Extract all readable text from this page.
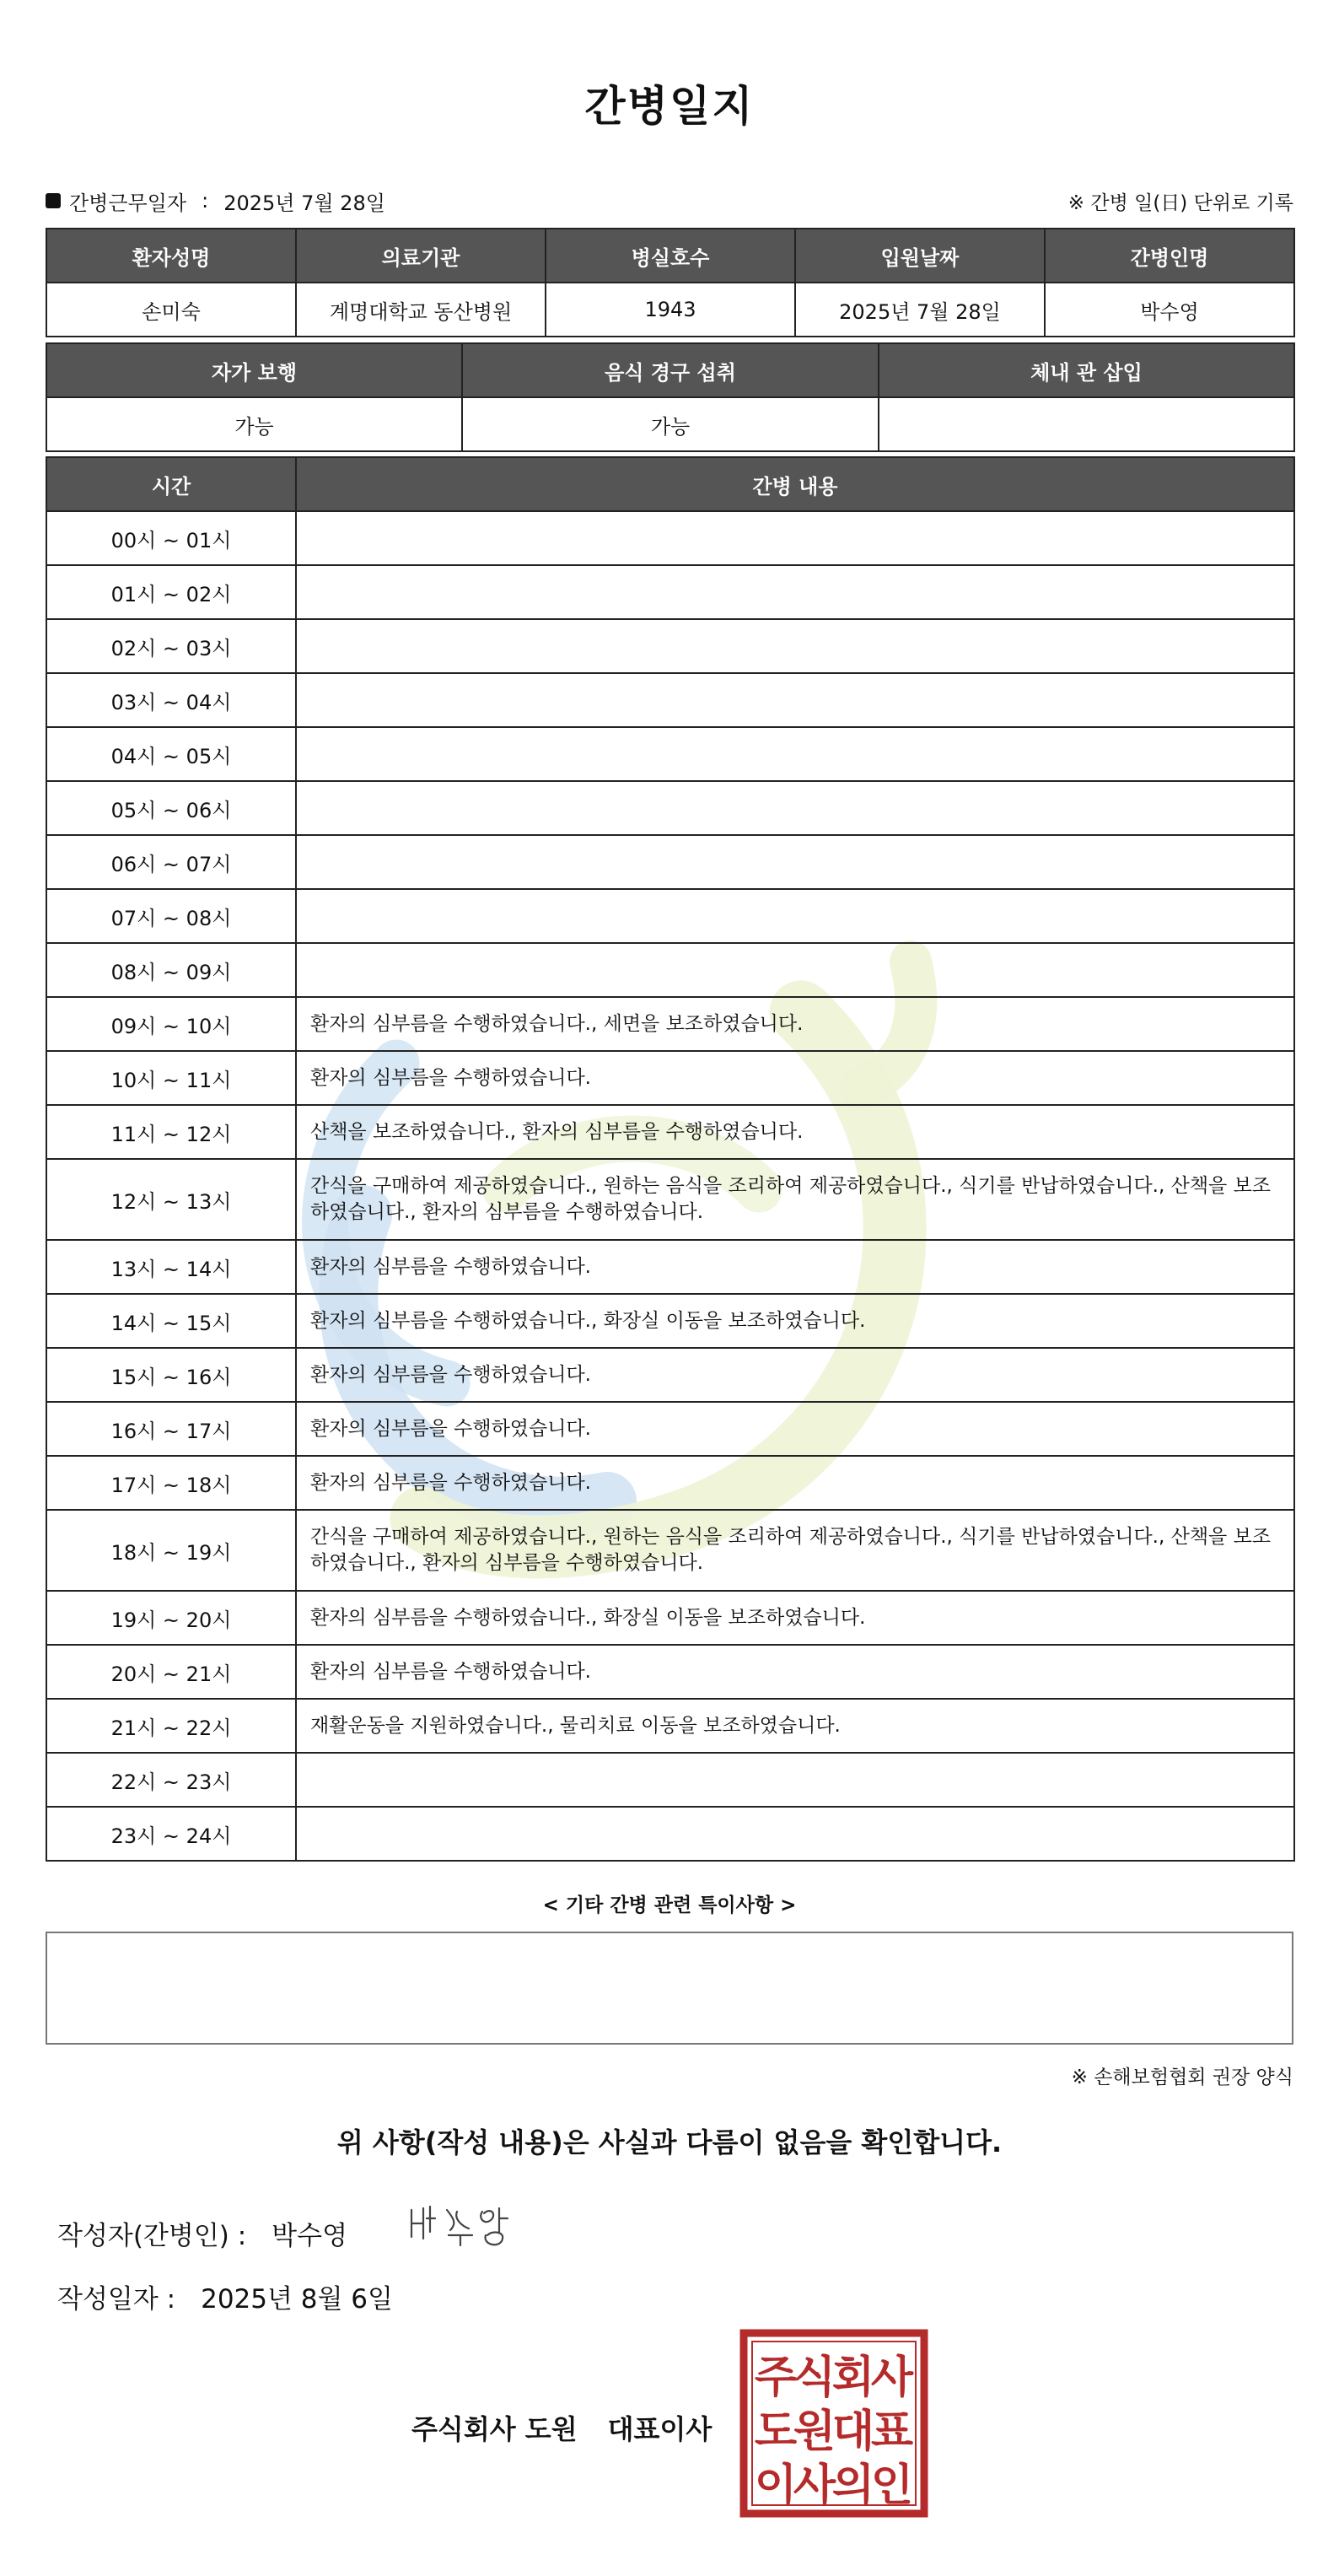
간병일지
간병근무일자 : 2025년 7월 28일	※ 간병 일(日) 단위로 기록
환자성명	의료기관	병실호수	입원날짜	간병인명
손미숙	계명대학교 동산병원	1943	2025년 7월 28일	박수영
자가 보행	음식 경구 섭취	체내 관 삽입
가능	가능	
시간	간병 내용
00시 ~ 01시	
01시 ~ 02시	
02시 ~ 03시	
03시 ~ 04시	
04시 ~ 05시	
05시 ~ 06시	
06시 ~ 07시	
07시 ~ 08시	
08시 ~ 09시	
09시 ~ 10시	환자의 심부름을 수행하였습니다., 세면을 보조하였습니다.
10시 ~ 11시	환자의 심부름을 수행하였습니다.
11시 ~ 12시	산책을 보조하였습니다., 환자의 심부름을 수행하였습니다.
12시 ~ 13시	간식을 구매하여 제공하였습니다., 원하는 음식을 조리하여 제공하였습니다., 식기를 반납하였습니다., 산책을 보조하였습니다., 환자의 심부름을 수행하였습니다.
13시 ~ 14시	환자의 심부름을 수행하였습니다.
14시 ~ 15시	환자의 심부름을 수행하였습니다., 화장실 이동을 보조하였습니다.
15시 ~ 16시	환자의 심부름을 수행하였습니다.
16시 ~ 17시	환자의 심부름을 수행하였습니다.
17시 ~ 18시	환자의 심부름을 수행하였습니다.
18시 ~ 19시	간식을 구매하여 제공하였습니다., 원하는 음식을 조리하여 제공하였습니다., 식기를 반납하였습니다., 산책을 보조하였습니다., 환자의 심부름을 수행하였습니다.
19시 ~ 20시	환자의 심부름을 수행하였습니다., 화장실 이동을 보조하였습니다.
20시 ~ 21시	환자의 심부름을 수행하였습니다.
21시 ~ 22시	재활운동을 지원하였습니다., 물리치료 이동을 보조하였습니다.
22시 ~ 23시	
23시 ~ 24시	
< 기타 간병 관련 특이사항 >
※ 손해보험협회 권장 양식
위 사항(작성 내용)은 사실과 다름이 없음을 확인합니다.
작성자(간병인) : 박수영
작성일자 : 2025년 8월 6일
주식회사 도원 대표이사
주
식
회
사
도
원
대
표
이
사
의
인
